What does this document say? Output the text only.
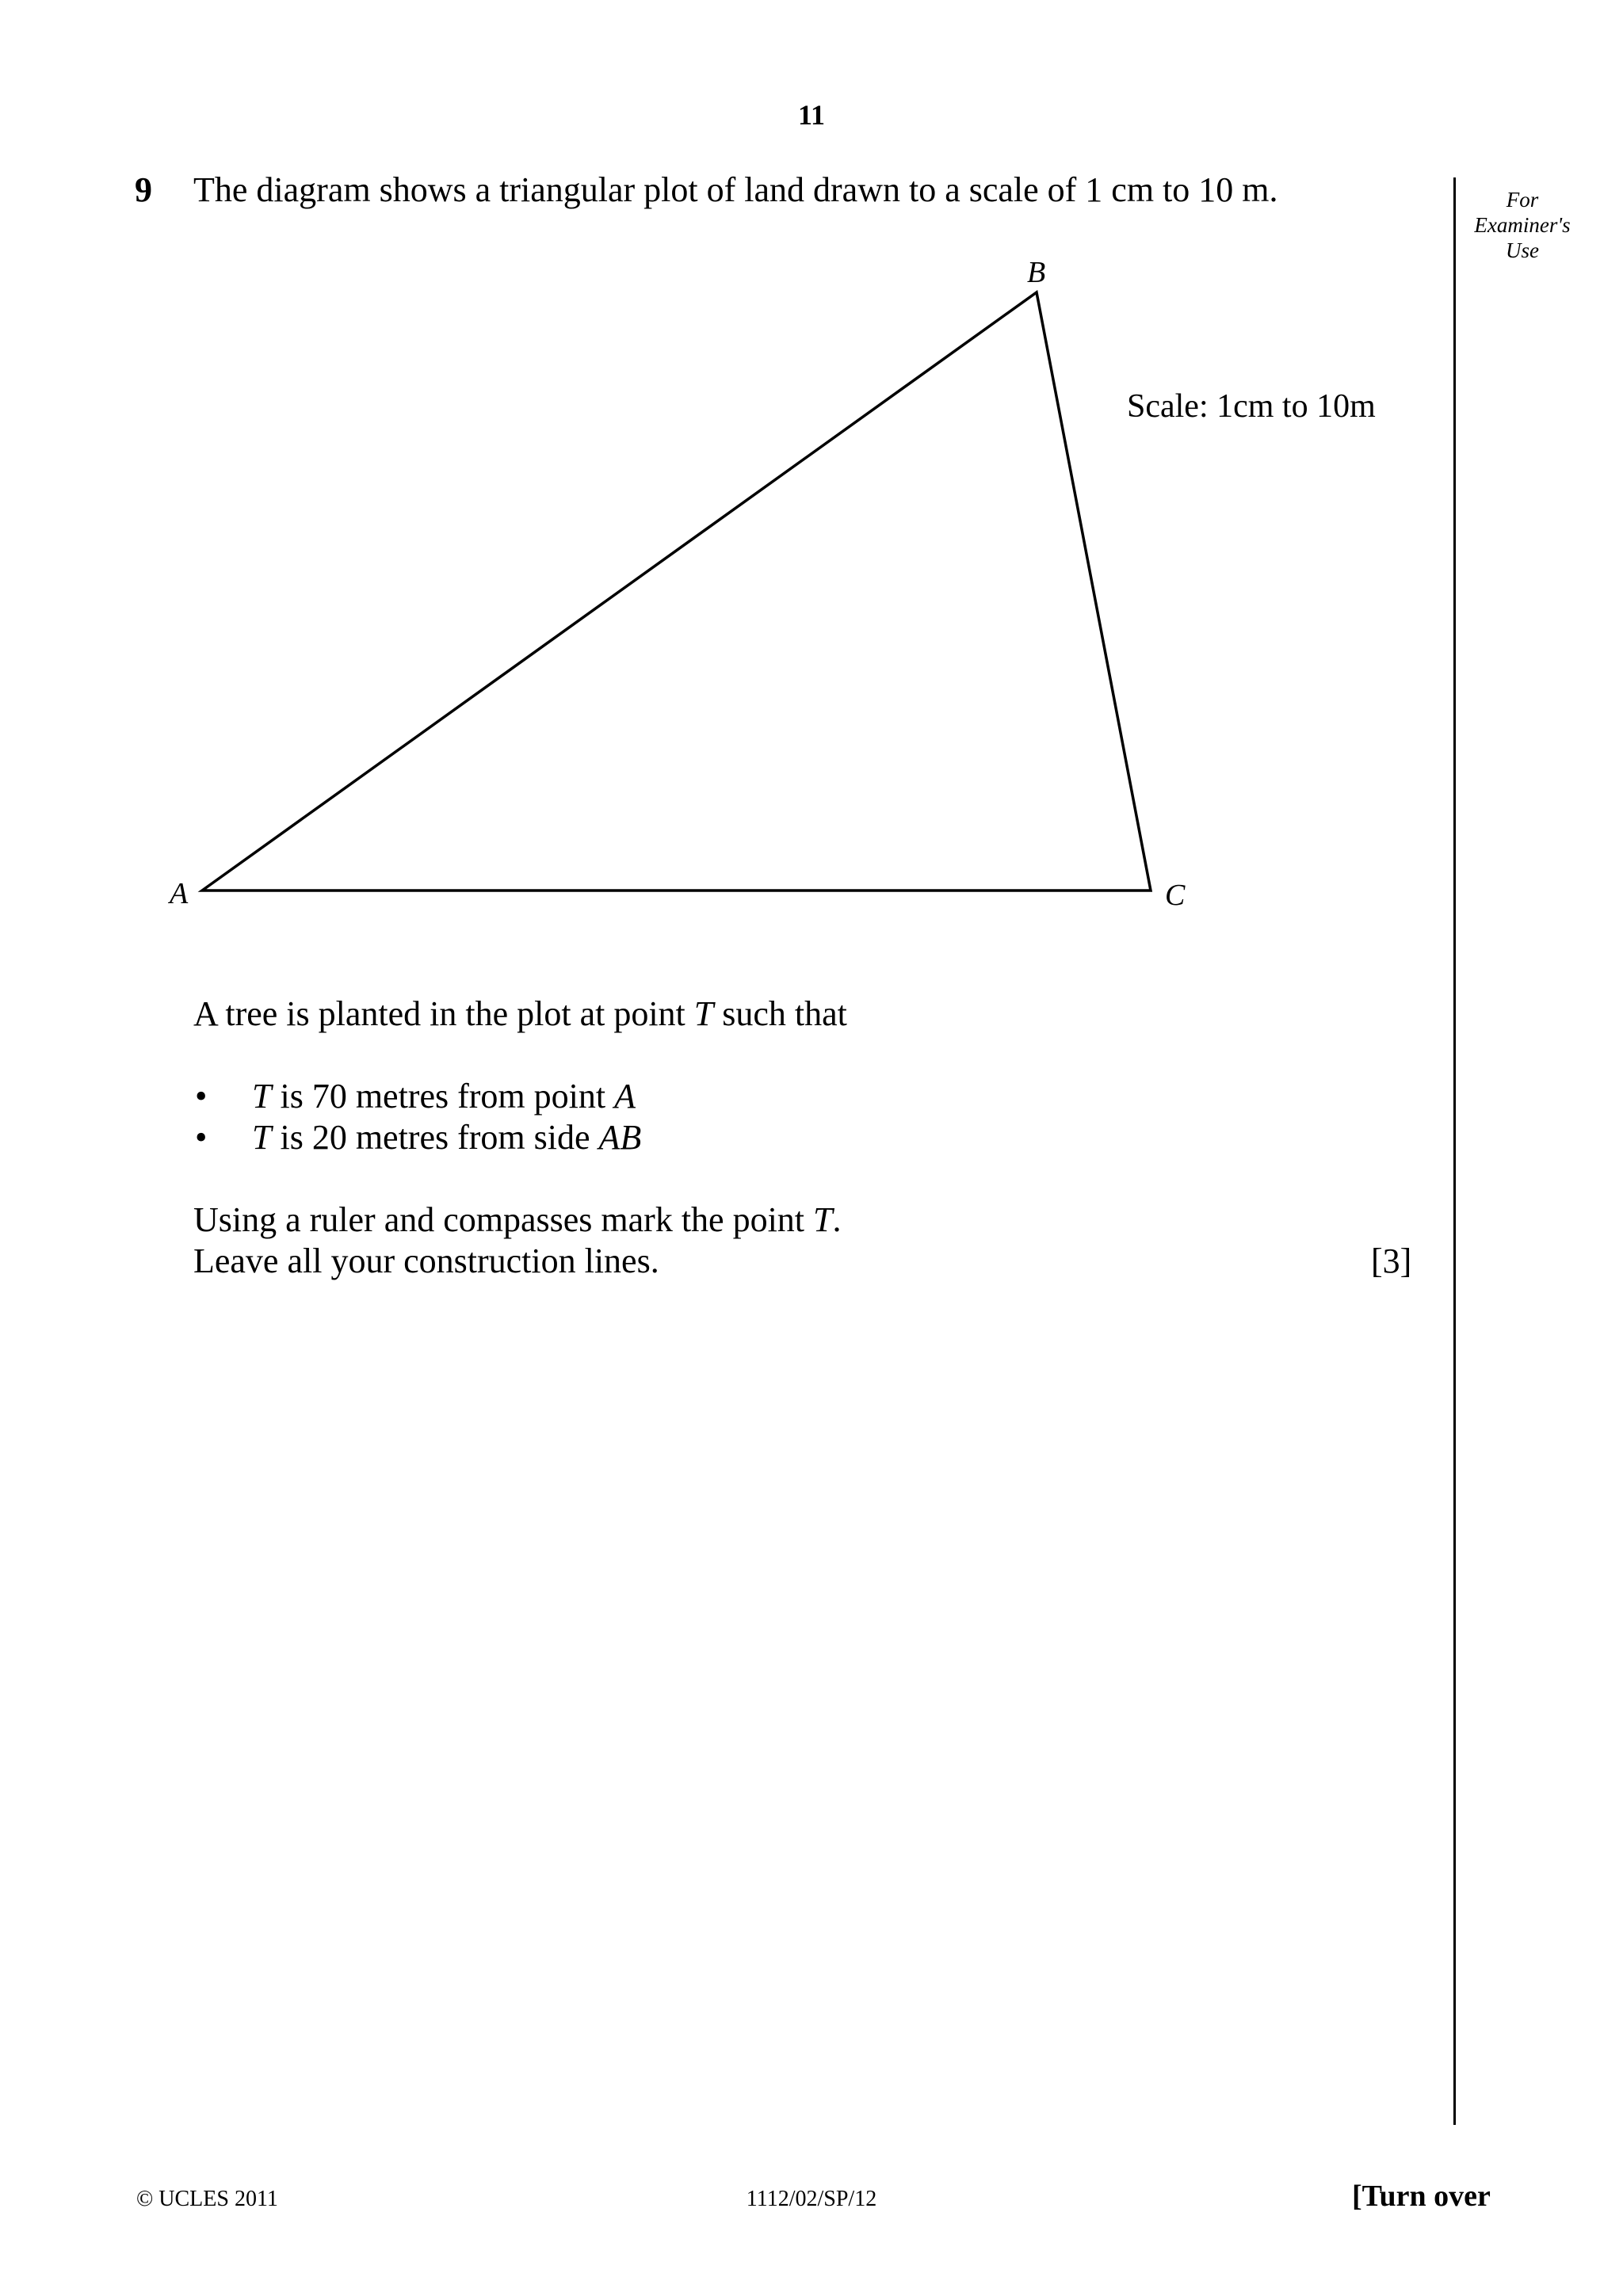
11
9 The diagram shows a triangular plot of land drawn to a scale of 1 cm to 10 m.	For
Examiner's
Use
A
B
C
Scale: 1cm to 10m
A tree is planted in the plot at point T such that
• T is 70 metres from point A
• T is 20 metres from side AB
Using a ruler and compasses mark the point T.
Leave all your construction lines.	[3]
© UCLES 2011	1112/02/SP/12	[Turn over
